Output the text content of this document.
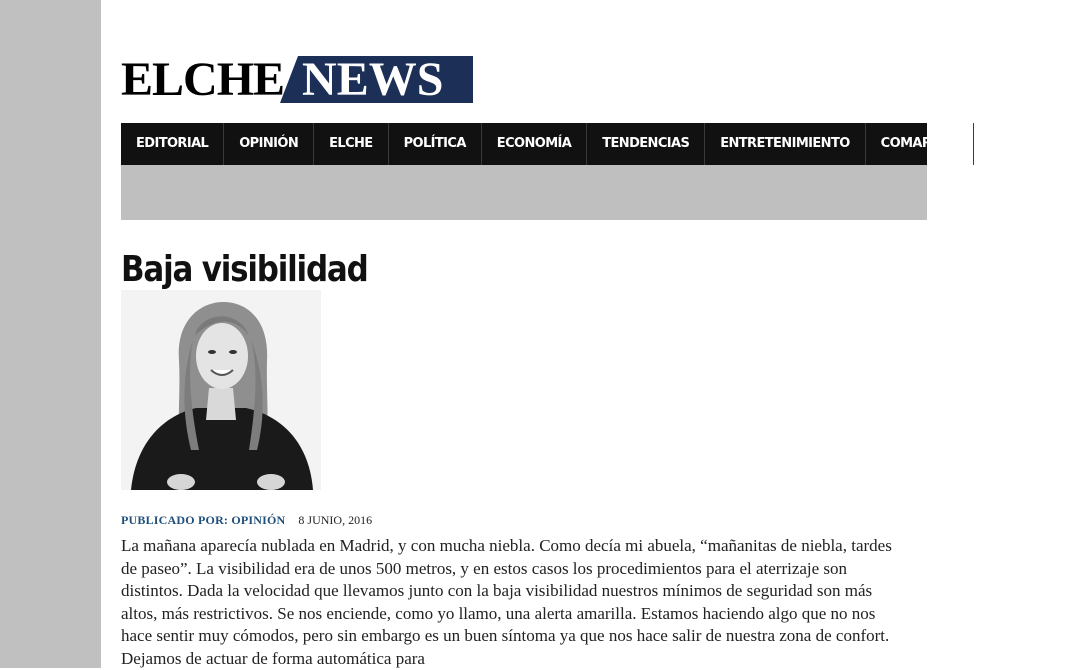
ELCHE NEWS
EDITORIAL	OPINIÓN	ELCHE	POLÍTICA	ECONOMÍA	TENDENCIAS	ENTRETENIMIENTO	COMARCAS	DEPORTES
Baja visibilidad
PUBLICADO POR: OPINIÓN 8 JUNIO, 2016

La mañana aparecía nublada en Madrid, y con mucha niebla. Como decía mi abuela, “mañanitas de niebla, tardes de paseo”. La visibilidad era de unos 500 metros, y en estos casos los procedimientos para el aterrizaje son distintos. Dada la velocidad que llevamos junto con la baja visibilidad nuestros mínimos de seguridad son más altos, más restrictivos. Se nos enciende, como yo llamo, una alerta amarilla. Estamos haciendo algo que no nos hace sentir muy cómodos, pero sin embargo es un buen síntoma ya que nos hace salir de nuestra zona de confort. Dejamos de actuar de forma automática para
